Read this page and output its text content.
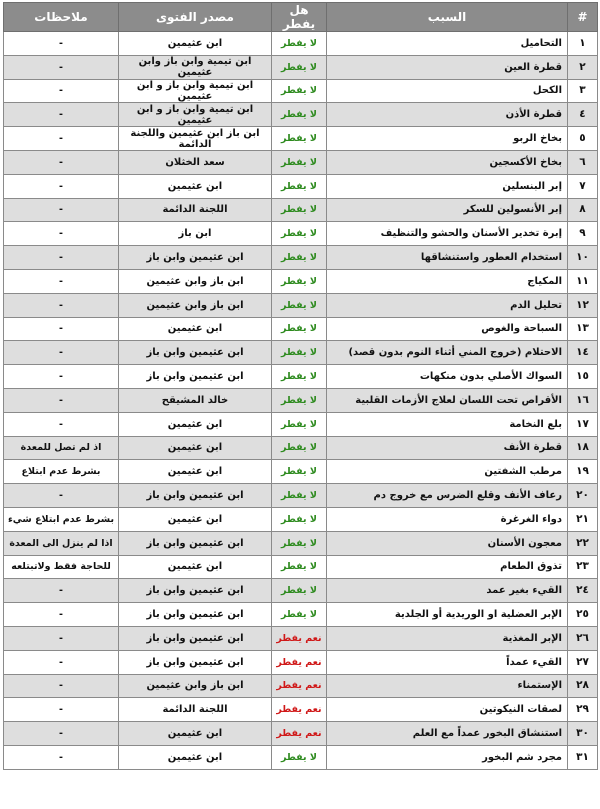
#	السبب	هل يفطر	مصدر الفتوى	ملاحظات
١	التحاميل	لا يفطر	ابن عثيمين	-
٢	قطرة العين	لا يفطر	ابن تيمية وابن باز وابن عثيمين	-
٣	الكحل	لا يفطر	ابن تيمية وابن باز و ابن عثيمين	-
٤	قطرة الأذن	لا يفطر	ابن تيمية وابن باز و ابن عثيمين	-
٥	بخاخ الربو	لا يفطر	ابن باز ابن عثيمين واللجنة الدائمة	-
٦	بخاخ الأكسجين	لا يفطر	سعد الخثلان	-
٧	إبر البنسلين	لا يفطر	ابن عثيمين	-
٨	إبر الأنسولين للسكر	لا يفطر	اللجنة الدائمة	-
٩	إبرة تخدير الأسنان والحشو والتنظيف	لا يفطر	ابن باز	-
١٠	استخدام العطور واستنشاقها	لا يفطر	ابن عثيمين وابن باز	-
١١	المكياج	لا يفطر	ابن باز وابن عثيمين	-
١٢	تحليل الدم	لا يفطر	ابن باز وابن عثيمين	-
١٣	السباحة والغوص	لا يفطر	ابن عثيمين	-
١٤	الاحتلام (خروج المني أثناء النوم بدون قصد)	لا يفطر	ابن عثيمين وابن باز	-
١٥	السواك الأصلي بدون منكهات	لا يفطر	ابن عثيمين وابن باز	-
١٦	الأقراص تحت اللسان لعلاج الأزمات القلبية	لا يفطر	خالد المشيقح	-
١٧	بلع النخامة	لا يفطر	ابن عثيمين	-
١٨	قطرة الأنف	لا يفطر	ابن عثيمين	اذ لم تصل للمعدة
١٩	مرطب الشفتين	لا يفطر	ابن عثيمين	بشرط عدم ابتلاع
٢٠	رعاف الأنف وقلع الضرس مع خروج دم	لا يفطر	ابن عثيمين وابن باز	-
٢١	دواء الغرغرة	لا يفطر	ابن عثيمين	بشرط عدم ابتلاع شيء
٢٢	معجون الأسنان	لا يفطر	ابن عثيمين وابن باز	اذا لم ينزل الى المعدة
٢٣	تذوق الطعام	لا يفطر	ابن عثيمين	للحاجة فقط ولاتبتلعه
٢٤	القيء بغير عمد	لا يفطر	ابن عثيمين وابن باز	-
٢٥	الإبر العضلية او الوريدية أو الجلدية	لا يفطر	ابن عثيمين وابن باز	-
٢٦	الإبر المغذية	نعم يفطر	ابن عثيمين وابن باز	-
٢٧	القيء عمداً	نعم يفطر	ابن عثيمين وابن باز	-
٢٨	الإستمناء	نعم يفطر	ابن باز وابن عثيمين	-
٢٩	لصقات النيكوتين	نعم يفطر	اللجنة الدائمة	-
٣٠	استنشاق البخور عمداً مع العلم	نعم يفطر	ابن عثيمين	-
٣١	مجرد شم البخور	لا يفطر	ابن عثيمين	-
